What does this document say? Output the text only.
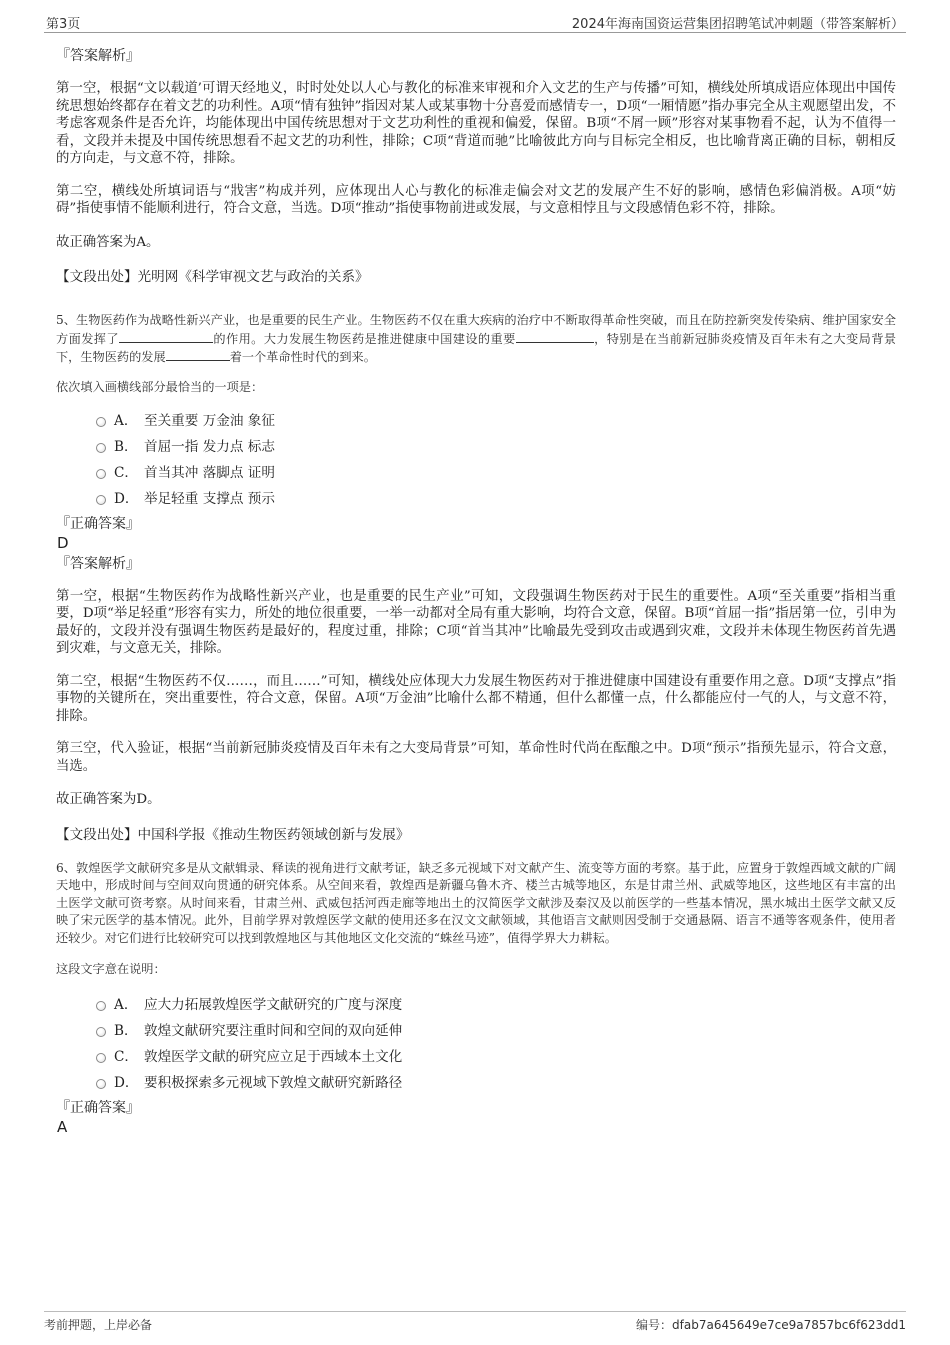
第3页	2024年海南国资运营集团招聘笔试冲刺题（带答案解析）

『答案解析』

第一空，根据“文以载道’可谓天经地义，时时处处以人心与教化的标准来审视和介入文艺的生产与传播”可知，横线处所填成语应体现出中国传统思想始终都存在着文艺的功利性。A项“情有独钟”指因对某人或某事物十分喜爱而感情专一，D项“一厢情愿”指办事完全从主观愿望出发，不考虑客观条件是否允许，均能体现出中国传统思想对于文艺功利性的重视和偏爱，保留。B项“不屑一顾”形容对某事物看不起，认为不值得一看，文段并未提及中国传统思想看不起文艺的功利性，排除；C项“背道而驰”比喻彼此方向与目标完全相反，也比喻背离正确的目标，朝相反的方向走，与文意不符，排除。

第二空，横线处所填词语与“戕害”构成并列，应体现出人心与教化的标准走偏会对文艺的发展产生不好的影响，感情色彩偏消极。A项“妨碍”指使事情不能顺利进行，符合文意，当选。D项“推动”指使事物前进或发展，与文意相悖且与文段感情色彩不符，排除。

故正确答案为A。

【文段出处】光明网《科学审视文艺与政治的关系》

5、生物医药作为战略性新兴产业，也是重要的民生产业。生物医药不仅在重大疾病的治疗中不断取得革命性突破，而且在防控新突发传染病、维护国家安全方面发挥了	的作用。大力发展生物医药是推进健康中国建设的重要	，特别是在当前新冠肺炎疫情及百年未有之大变局背景下，生物医药的发展	着一个革命性时代的到来。

依次填入画横线部分最恰当的一项是：

A． 至关重要 万金油 象征
B． 首屈一指 发力点 标志
C． 首当其冲 落脚点 证明
D． 举足轻重 支撑点 预示

『正确答案』

D

『答案解析』

第一空，根据“生物医药作为战略性新兴产业，也是重要的民生产业”可知，文段强调生物医药对于民生的重要性。A项“至关重要”指相当重要，D项“举足轻重”形容有实力，所处的地位很重要，一举一动都对全局有重大影响，均符合文意，保留。B项“首屈一指”指居第一位，引申为最好的，文段并没有强调生物医药是最好的，程度过重，排除；C项“首当其冲”比喻最先受到攻击或遇到灾难，文段并未体现生物医药首先遇到灾难，与文意无关，排除。

第二空，根据“生物医药不仅……，而且……”可知，横线处应体现大力发展生物医药对于推进健康中国建设有重要作用之意。D项“支撑点”指事物的关键所在，突出重要性，符合文意，保留。A项“万金油”比喻什么都不精通，但什么都懂一点，什么都能应付一气的人，与文意不符，排除。

第三空，代入验证，根据“当前新冠肺炎疫情及百年未有之大变局背景”可知，革命性时代尚在酝酿之中。D项“预示”指预先显示，符合文意，当选。

故正确答案为D。

【文段出处】中国科学报《推动生物医药领域创新与发展》

6、敦煌医学文献研究多是从文献辑录、释读的视角进行文献考证，缺乏多元视域下对文献产生、流变等方面的考察。基于此，应置身于敦煌西域文献的广阔天地中，形成时间与空间双向贯通的研究体系。从空间来看，敦煌西是新疆乌鲁木齐、楼兰古城等地区，东是甘肃兰州、武威等地区，这些地区有丰富的出土医学文献可资考察。从时间来看，甘肃兰州、武威包括河西走廊等地出土的汉简医学文献涉及秦汉及以前医学的一些基本情况，黑水城出土医学文献又反映了宋元医学的基本情况。此外，目前学界对敦煌医学文献的使用还多在汉文文献领域，其他语言文献则因受制于交通悬隔、语言不通等客观条件，使用者还较少。对它们进行比较研究可以找到敦煌地区与其他地区文化交流的“蛛丝马迹”，值得学界大力耕耘。

这段文字意在说明：

A． 应大力拓展敦煌医学文献研究的广度与深度
B． 敦煌文献研究要注重时间和空间的双向延伸
C． 敦煌医学文献的研究应立足于西域本土文化
D． 要积极探索多元视域下敦煌文献研究新路径

『正确答案』

A

考前押题，上岸必备	编号：dfab7a645649e7ce9a7857bc6f623dd1
